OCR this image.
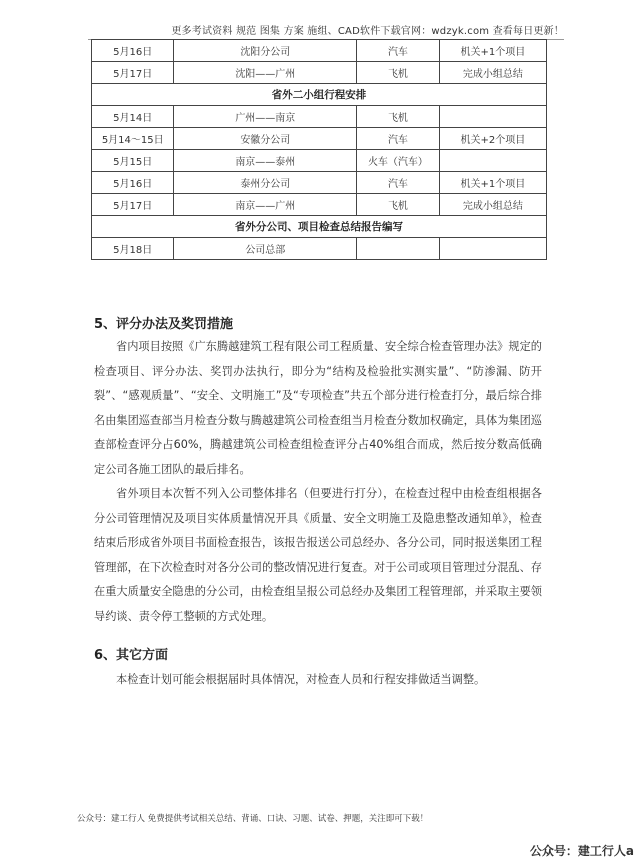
更多考试资料 规范 图集 方案 施组、CAD软件下载官网：wdzyk.com 查看每日更新！
5月16日	沈阳分公司	汽车	机关+1个项目
5月17日	沈阳——广州	飞机	完成小组总结
省外二小组行程安排			
5月14日	广州——南京	飞机	
5月14～15日	安徽分公司	汽车	机关+2个项目
5月15日	南京——泰州	火车（汽车）	
5月16日	泰州分公司	汽车	机关+1个项目
5月17日	南京——广州	飞机	完成小组总结
省外分公司、项目检查总结报告编写			
5月18日	公司总部		
5、评分办法及奖罚措施
省内项目按照《广东腾越建筑工程有限公司工程质量、安全综合检查管理办法》规定的检查项目、评分办法、奖罚办法执行，即分为“结构及检验批实测实量”、“防渗漏、防开裂”、“感观质量”、“安全、文明施工”及“专项检查”共五个部分进行检查打分，最后综合排名由集团巡查部当月检查分数与腾越建筑公司检查组当月检查分数加权确定，具体为集团巡查部检查评分占60%，腾越建筑公司检查组检查评分占40%组合而成，然后按分数高低确定公司各施工团队的最后排名。
省外项目本次暂不列入公司整体排名（但要进行打分），在检查过程中由检查组根据各分公司管理情况及项目实体质量情况开具《质量、安全文明施工及隐患整改通知单》，检查结束后形成省外项目书面检查报告，该报告报送公司总经办、各分公司，同时报送集团工程管理部，在下次检查时对各分公司的整改情况进行复查。对于公司或项目管理过分混乱、存在重大质量安全隐患的分公司，由检查组呈报公司总经办及集团工程管理部，并采取主要领导约谈、责令停工整顿的方式处理。
6、其它方面
本检查计划可能会根据届时具体情况，对检查人员和行程安排做适当调整。
公众号：建工行人 免费提供考试相关总结、背诵、口诀、习题、试卷、押题，关注即可下载！
公众号：建工行人a
